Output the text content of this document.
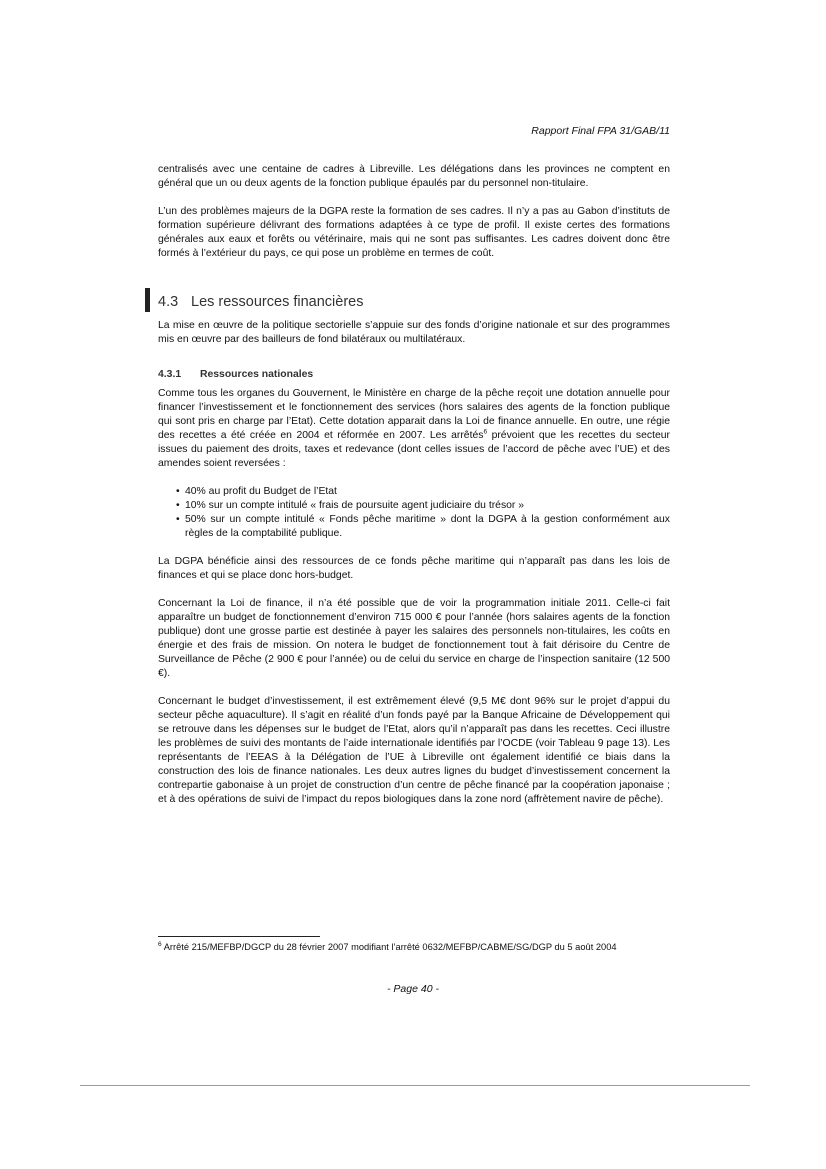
Rapport Final FPA 31/GAB/11

centralisés avec une centaine de cadres à Libreville. Les délégations dans les provinces ne comptent en général que un ou deux agents de la fonction publique épaulés par du personnel non-titulaire.

L’un des problèmes majeurs de la DGPA reste la formation de ses cadres. Il n’y a pas au Gabon d’instituts de formation supérieure délivrant des formations adaptées à ce type de profil. Il existe certes des formations générales aux eaux et forêts ou vétérinaire, mais qui ne sont pas suffisantes. Les cadres doivent donc être formés à l’extérieur du pays, ce qui pose un problème en termes de coût.

4.3 Les ressources financières

La mise en œuvre de la politique sectorielle s’appuie sur des fonds d’origine nationale et sur des programmes mis en œuvre par des bailleurs de fond bilatéraux ou multilatéraux.

4.3.1 Ressources nationales

Comme tous les organes du Gouvernent, le Ministère en charge de la pêche reçoit une dotation annuelle pour financer l’investissement et le fonctionnement des services (hors salaires des agents de la fonction publique qui sont pris en charge par l’Etat). Cette dotation apparait dans la Loi de finance annuelle. En outre, une régie des recettes a été créée en 2004 et réformée en 2007. Les arrêtés$^6$ prévoient que les recettes du secteur issues du paiement des droits, taxes et redevance (dont celles issues de l’accord de pêche avec l’UE) et des amendes soient reversées :

• 40% au profit du Budget de l’Etat
• 10% sur un compte intitulé « frais de poursuite agent judiciaire du trésor »
• 50% sur un compte intitulé « Fonds pêche maritime » dont la DGPA à la gestion conformément aux règles de la comptabilité publique.

La DGPA bénéficie ainsi des ressources de ce fonds pêche maritime qui n’apparaît pas dans les lois de finances et qui se place donc hors-budget.

Concernant la Loi de finance, il n’a été possible que de voir la programmation initiale 2011. Celle-ci fait apparaître un budget de fonctionnement d’environ 715 000 € pour l’année (hors salaires agents de la fonction publique) dont une grosse partie est destinée à payer les salaires des personnels non-titulaires, les coûts en énergie et des frais de mission. On notera le budget de fonctionnement tout à fait dérisoire du Centre de Surveillance de Pêche (2 900 € pour l’année) ou de celui du service en charge de l’inspection sanitaire (12 500 €).

Concernant le budget d’investissement, il est extrêmement élevé (9,5 M€ dont 96% sur le projet d’appui du secteur pêche aquaculture). Il s’agit en réalité d’un fonds payé par la Banque Africaine de Développement qui se retrouve dans les dépenses sur le budget de l’Etat, alors qu’il n’apparaît pas dans les recettes. Ceci illustre les problèmes de suivi des montants de l’aide internationale identifiés par l’OCDE (voir Tableau 9 page 13). Les représentants de l’EEAS à la Délégation de l’UE à Libreville ont également identifié ce biais dans la construction des lois de finance nationales. Les deux autres lignes du budget d’investissement concernent la contrepartie gabonaise à un projet de construction d’un centre de pêche financé par la coopération japonaise ; et à des opérations de suivi de l’impact du repos biologiques dans la zone nord (affrètement navire de pêche).

$^6$ Arrêté 215/MEFBP/DGCP du 28 février 2007 modifiant l’arrêté 0632/MEFBP/CABME/SG/DGP du 5 août 2004
- Page 40 -
